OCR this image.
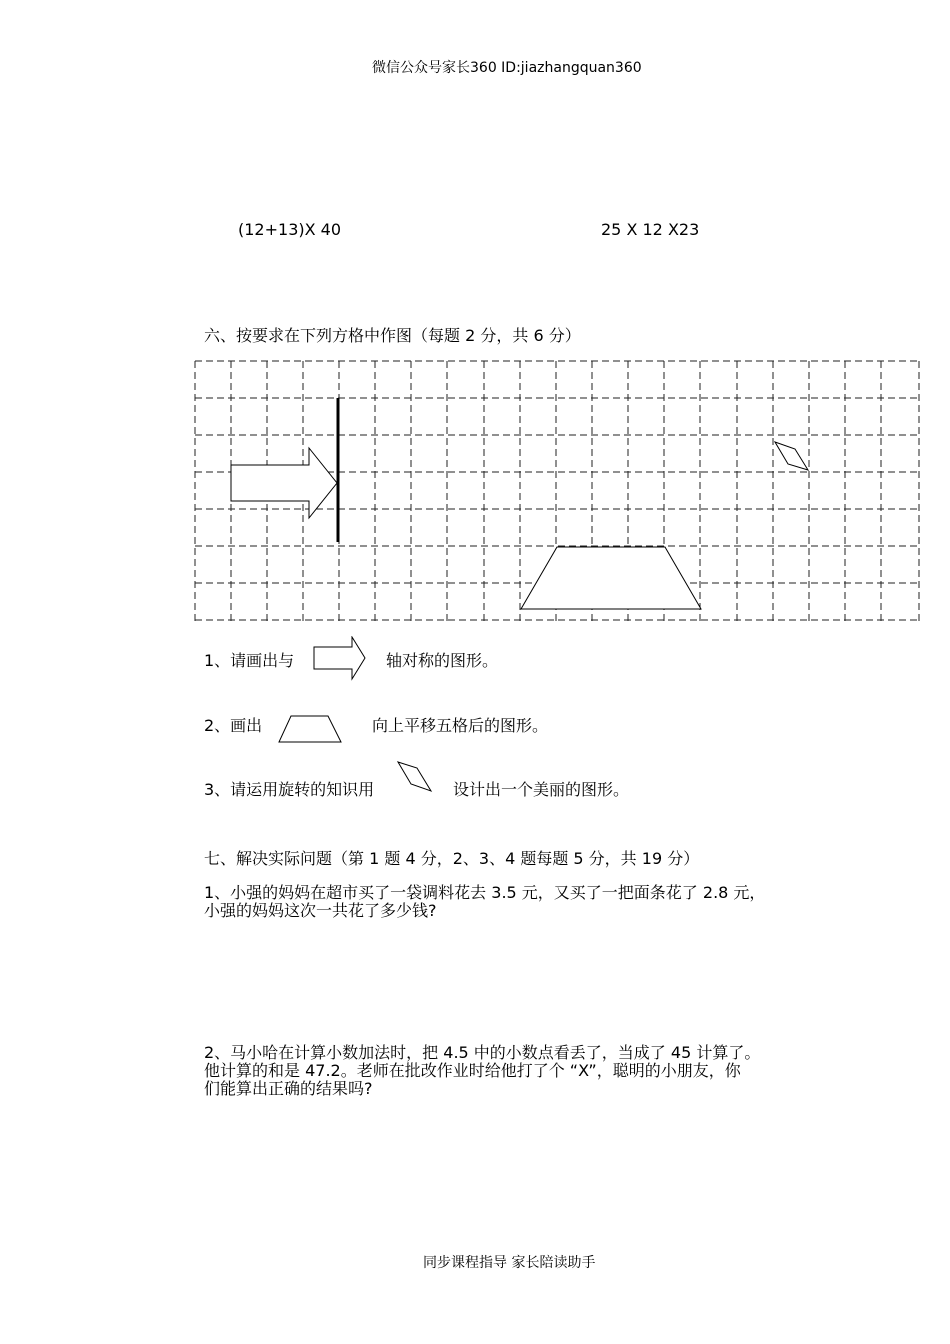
微信公众号家长360 ID:jiazhangquan360
(12+13)X 40	25 X 12 X23
六、按要求在下列方格中作图（每题 2 分，共 6 分）
1、请画出与	轴对称的图形。
2、画出	向上平移五格后的图形。
3、请运用旋转的知识用	设计出一个美丽的图形。
七、解决实际问题（第 1 题 4 分，2、3、4 题每题 5 分，共 19 分）
1、小强的妈妈在超市买了一袋调料花去 3.5 元，又买了一把面条花了 2.8 元，
小强的妈妈这次一共花了多少钱?
2、马小哈在计算小数加法时，把 4.5 中的小数点看丢了，当成了 45 计算了。
他计算的和是 47.2。老师在批改作业时给他打了个 “X”，聪明的小朋友，你
们能算出正确的结果吗?
同步课程指导 家长陪读助手
